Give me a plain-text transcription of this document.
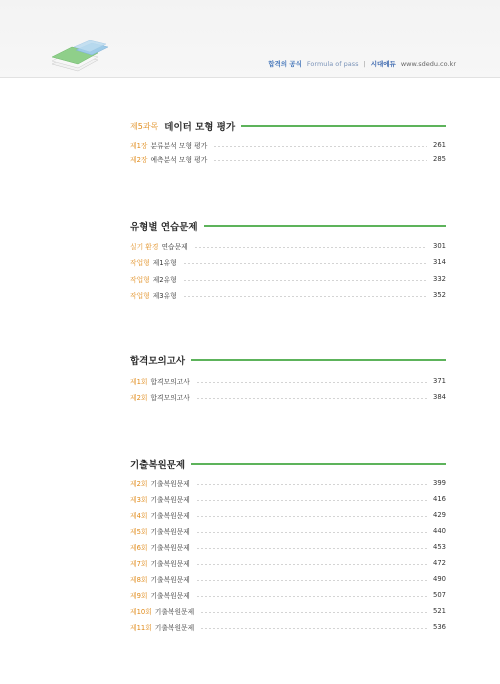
합격의 공식 Formula of pass | 시대에듀 www.sdedu.co.kr
제5과목 데이터 모형 평가
제1장 분류분석 모형 평가	261
제2장 예측분석 모형 평가	285
유형별 연습문제
실기 환경 연습문제	301
작업형 제1유형	314
작업형 제2유형	332
작업형 제3유형	352
합격모의고사
제1회 합격모의고사	371
제2회 합격모의고사	384
기출복원문제
제2회 기출복원문제	399
제3회 기출복원문제	416
제4회 기출복원문제	429
제5회 기출복원문제	440
제6회 기출복원문제	453
제7회 기출복원문제	472
제8회 기출복원문제	490
제9회 기출복원문제	507
제10회 기출복원문제	521
제11회 기출복원문제	536
